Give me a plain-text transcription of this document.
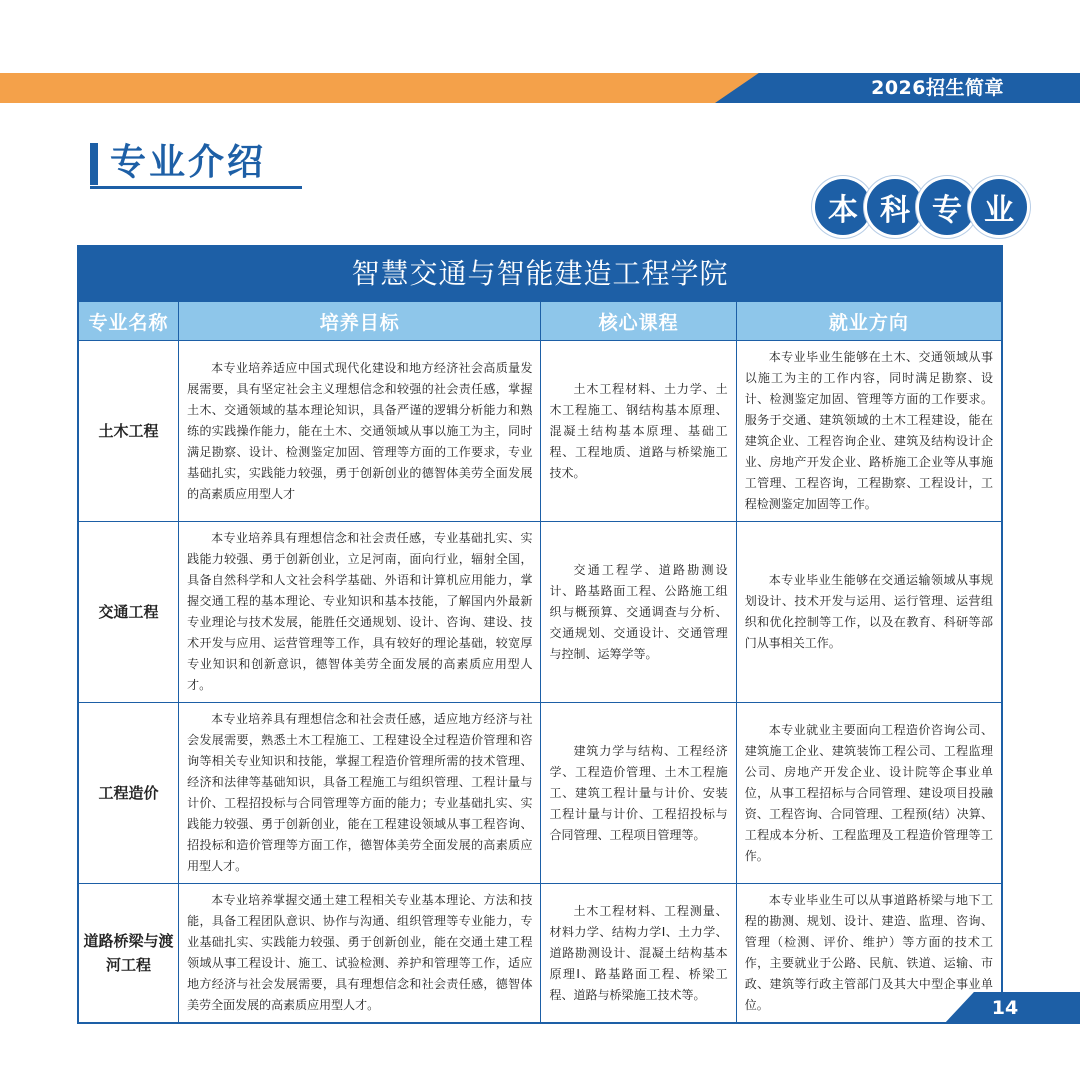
2026招生简章
专业介绍
本 科 专 业
智慧交通与智能建造工程学院
专业名称	培养目标	核心课程	就业方向
土木工程	本专业培养适应中国式现代化建设和地方经济社会高质量发展需要，具有坚定社会主义理想信念和较强的社会责任感，掌握土木、交通领域的基本理论知识，具备严谨的逻辑分析能力和熟练的实践操作能力，能在土木、交通领域从事以施工为主，同时满足勘察、设计、检测鉴定加固、管理等方面的工作要求，专业基础扎实，实践能力较强，勇于创新创业的德智体美劳全面发展的高素质应用型人才	土木工程材料、土力学、土木工程施工、钢结构基本原理、混凝土结构基本原理、基础工程、工程地质、道路与桥梁施工技术。	本专业毕业生能够在土木、交通领域从事以施工为主的工作内容，同时满足勘察、设计、检测鉴定加固、管理等方面的工作要求。服务于交通、建筑领域的土木工程建设，能在建筑企业、工程咨询企业、建筑及结构设计企业、房地产开发企业、路桥施工企业等从事施工管理、工程咨询，工程勘察、工程设计，工程检测鉴定加固等工作。
交通工程	本专业培养具有理想信念和社会责任感，专业基础扎实、实践能力较强、勇于创新创业，立足河南，面向行业，辐射全国，具备自然科学和人文社会科学基础、外语和计算机应用能力，掌握交通工程的基本理论、专业知识和基本技能，了解国内外最新专业理论与技术发展，能胜任交通规划、设计、咨询、建设、技术开发与应用、运营管理等工作，具有较好的理论基础，较宽厚专业知识和创新意识，德智体美劳全面发展的高素质应用型人才。	交通工程学、道路勘测设计、路基路面工程、公路施工组织与概预算、交通调查与分析、交通规划、交通设计、交通管理与控制、运筹学等。	本专业毕业生能够在交通运输领域从事规划设计、技术开发与运用、运行管理、运营组织和优化控制等工作，以及在教育、科研等部门从事相关工作。
工程造价	本专业培养具有理想信念和社会责任感，适应地方经济与社会发展需要，熟悉土木工程施工、工程建设全过程造价管理和咨询等相关专业知识和技能，掌握工程造价管理所需的技术管理、经济和法律等基础知识，具备工程施工与组织管理、工程计量与计价、工程招投标与合同管理等方面的能力；专业基础扎实、实践能力较强、勇于创新创业，能在工程建设领域从事工程咨询、招投标和造价管理等方面工作，德智体美劳全面发展的高素质应用型人才。	建筑力学与结构、工程经济学、工程造价管理、土木工程施工、建筑工程计量与计价、安装工程计量与计价、工程招投标与合同管理、工程项目管理等。	本专业就业主要面向工程造价咨询公司、建筑施工企业、建筑装饰工程公司、工程监理公司、房地产开发企业、设计院等企事业单位，从事工程招标与合同管理、建设项目投融资、工程咨询、合同管理、工程预(结）决算、工程成本分析、工程监理及工程造价管理等工作。
道路桥梁与渡河工程	本专业培养掌握交通土建工程相关专业基本理论、方法和技能，具备工程团队意识、协作与沟通、组织管理等专业能力，专业基础扎实、实践能力较强、勇于创新创业，能在交通土建工程领域从事工程设计、施工、试验检测、养护和管理等工作，适应地方经济与社会发展需要，具有理想信念和社会责任感，德智体美劳全面发展的高素质应用型人才。	土木工程材料、工程测量、材料力学、结构力学Ⅰ、土力学、道路勘测设计、混凝土结构基本原理Ⅰ、路基路面工程、桥梁工程、道路与桥梁施工技术等。	本专业毕业生可以从事道路桥梁与地下工程的勘测、规划、设计、建造、监理、咨询、管理（检测、评价、维护）等方面的技术工作，主要就业于公路、民航、铁道、运输、市政、建筑等行政主管部门及其大中型企事业单位。	14
